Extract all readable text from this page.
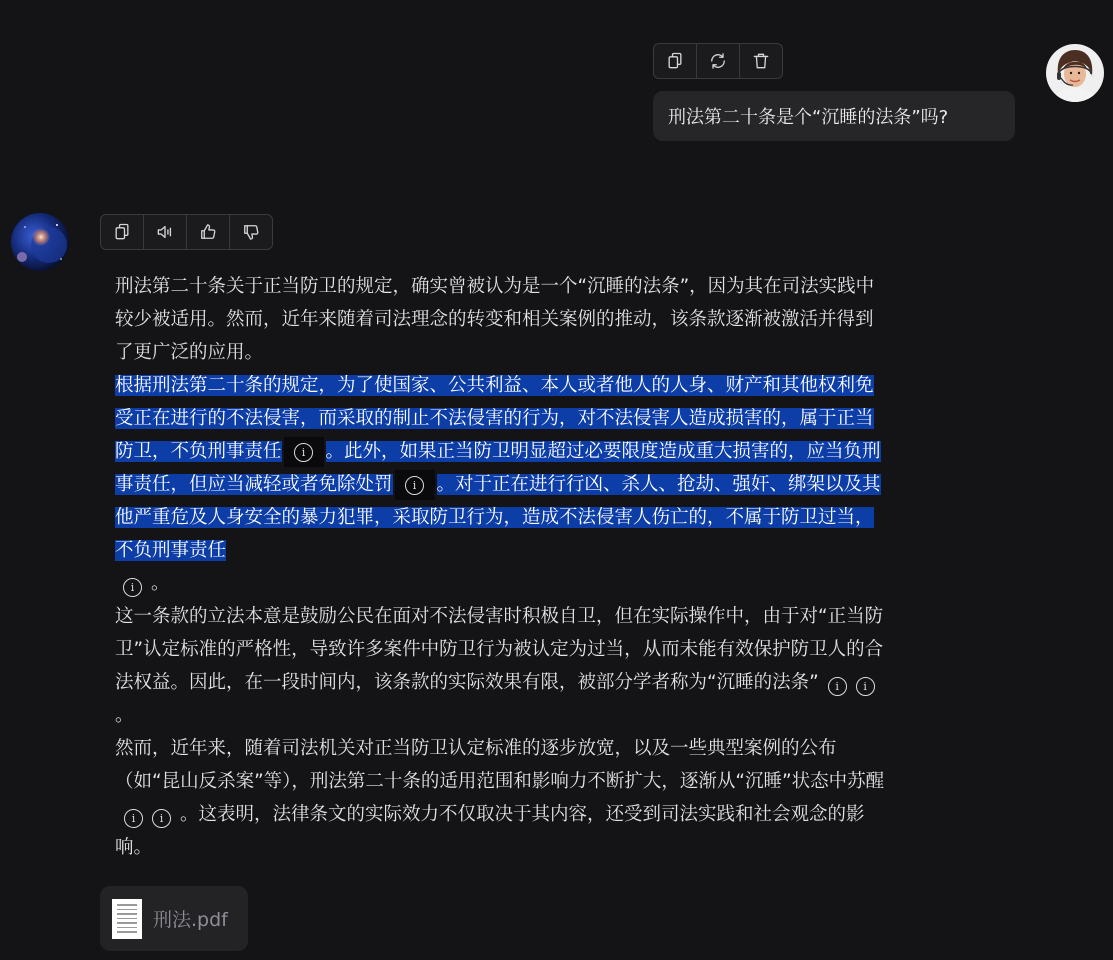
刑法第二十条是个“沉睡的法条”吗?
刑法第二十条关于正当防卫的规定，确实曾被认为是一个“沉睡的法条”，因为其在司法实践中较少被适用。然而，近年来随着司法理念的转变和相关案例的推动，该条款逐渐被激活并得到了更广泛的应用。
根据刑法第二十条的规定，为了使国家、公共利益、本人或者他人的人身、财产和其他权利免受正在进行的不法侵害，而采取的制止不法侵害的行为，对不法侵害人造成损害的，属于正当防卫，不负刑事责任	i	。此外，如果正当防卫明显超过必要限度造成重大损害的，应当负刑事责任，但应当减轻或者免除处罚	i	。对于正在进行行凶、杀人、抢劫、强奸、绑架以及其他严重危及人身安全的暴力犯罪，采取防卫行为，造成不法侵害人伤亡的，不属于防卫过当，不负刑事责任
i 。
这一条款的立法本意是鼓励公民在面对不法侵害时积极自卫，但在实际操作中，由于对“正当防卫”认定标准的严格性，导致许多案件中防卫行为被认定为过当，从而未能有效保护防卫人的合法权益。因此，在一段时间内，该条款的实际效果有限，被部分学者称为“沉睡的法条” i i。
然而，近年来，随着司法机关对正当防卫认定标准的逐步放宽，以及一些典型案例的公布（如“昆山反杀案”等），刑法第二十条的适用范围和影响力不断扩大，逐渐从“沉睡”状态中苏醒i i 。这表明，法律条文的实际效力不仅取决于其内容，还受到司法实践和社会观念的影响。
刑法.pdf
